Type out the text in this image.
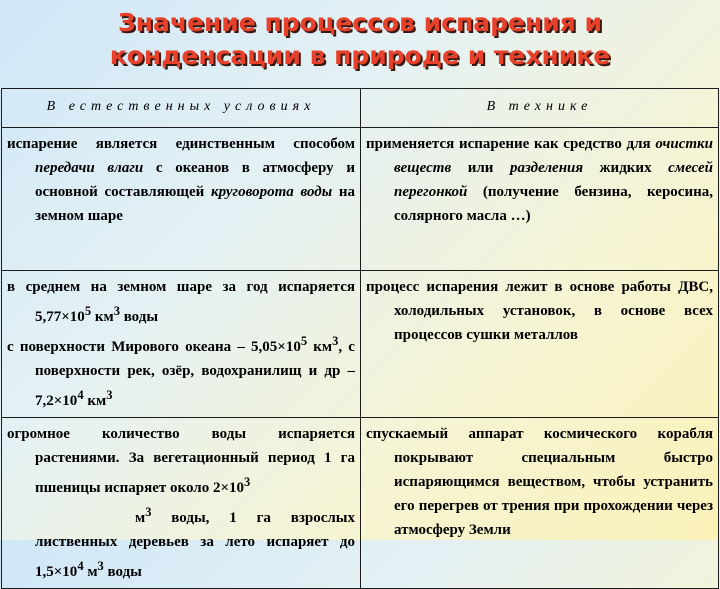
Значение процессов испарения и
конденсации в природе и технике
В естественных условиях	В технике

испарение является единственным способом передачи влаги с океанов в атмосферу и основной составляющей круговорота воды на земном шаре	применяется испарение как средство для очистки веществ или разделения жидких смесей перегонкой (получение бензина, керосина, солярного масла …)

в среднем на земном шаре за год испаряется $5,77\times 10^5$ $км^3$ воды

с поверхности Мирового океана – $5,05\times 10^5$ $км^3$, с поверхности рек, озёр, водохранилищ и др – $7,2\times 10^4$ $км^3$	процесс испарения лежит в основе работы ДВС, холодильных установок, в основе всех процессов сушки металлов

огромное количество воды испаряется растениями. За вегетационный период 1 га пшеницы испаряет около $2\times 10^3$
$м^3$ воды, 1 га взрослых лиственных деревьев за лето испаряет до $1,5\times 10^4$ $м^3$ воды	спускаемый аппарат космического корабля покрывают специальным быстро испаряющимся веществом, чтобы устранить его перегрев от трения при прохождении через атмосферу Земли
